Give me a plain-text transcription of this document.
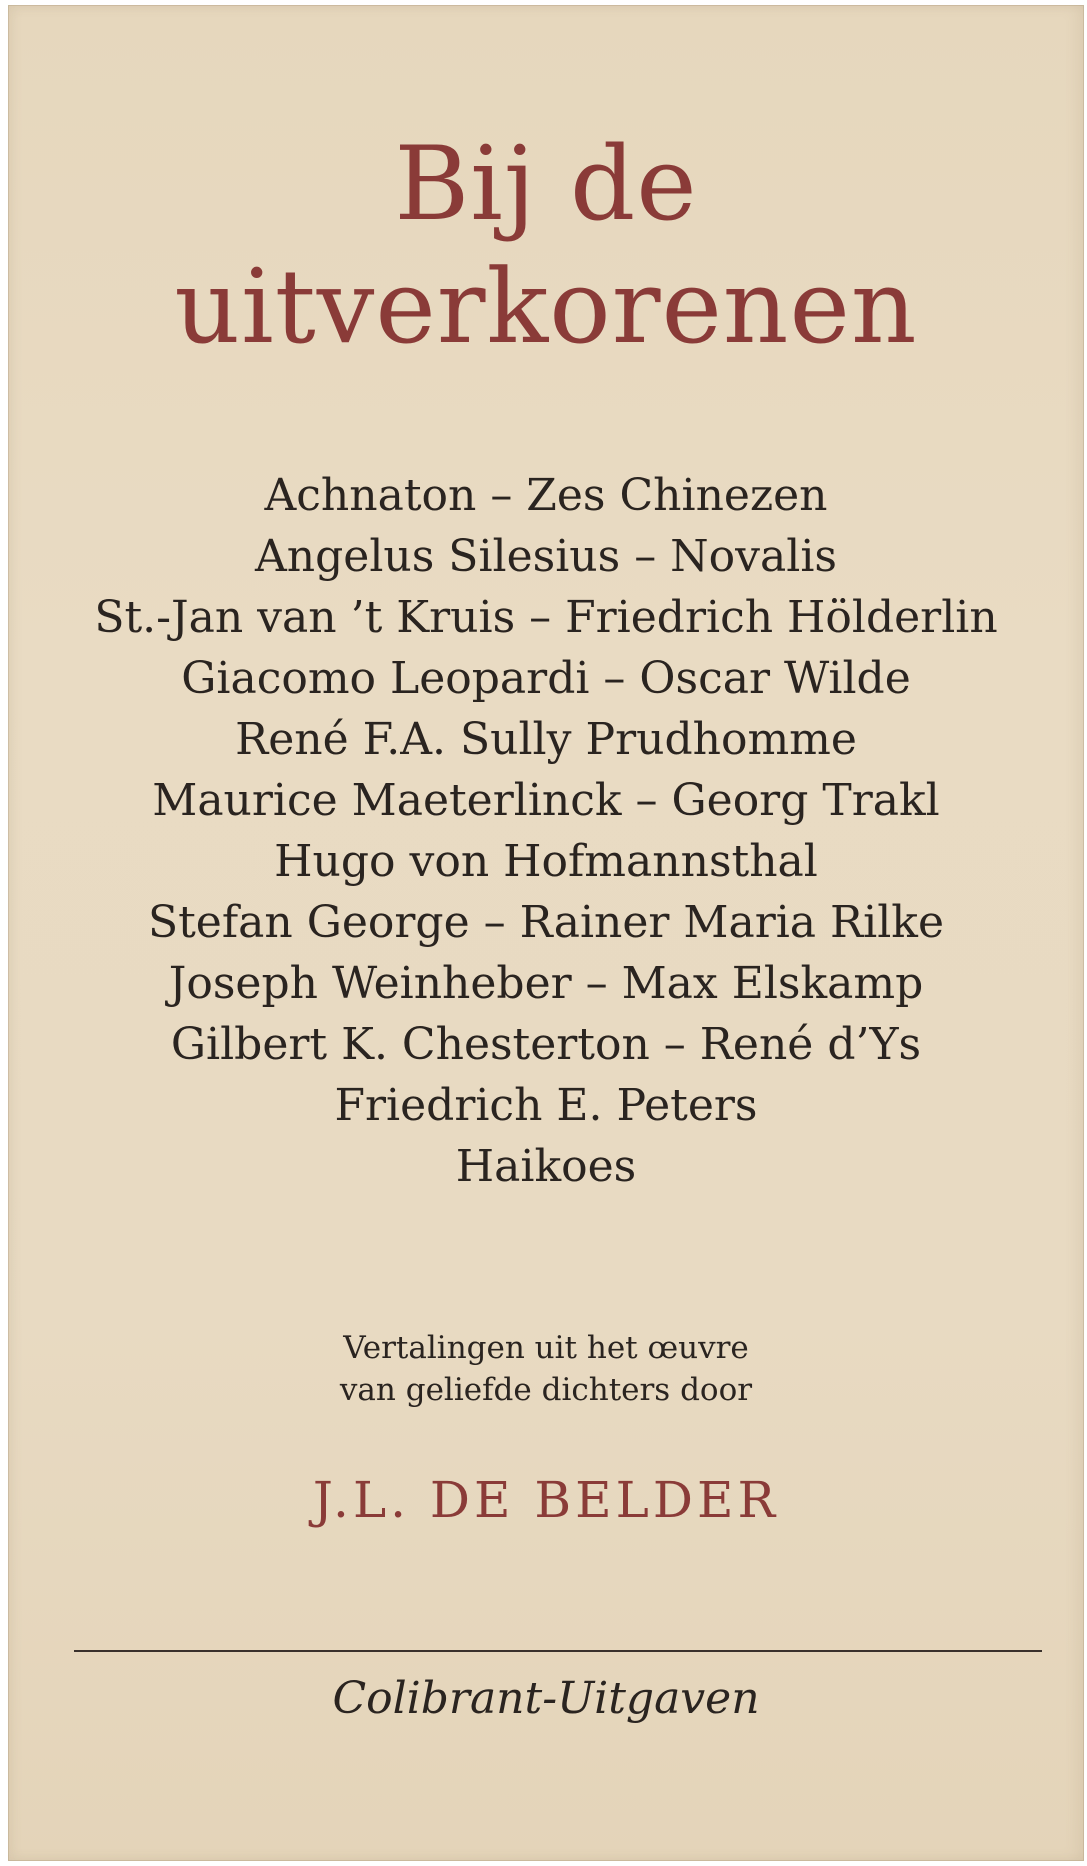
Bij de
uitverkorenen
Achnaton – Zes Chinezen
Angelus Silesius – Novalis
St.-Jan van ’t Kruis – Friedrich Hölderlin
Giacomo Leopardi – Oscar Wilde
René F.A. Sully Prudhomme
Maurice Maeterlinck – Georg Trakl
Hugo von Hofmannsthal
Stefan George – Rainer Maria Rilke
Joseph Weinheber – Max Elskamp
Gilbert K. Chesterton – René d’Ys
Friedrich E. Peters
Haikoes
Vertalingen uit het œuvre
van geliefde dichters door
J.L. DE BELDER
Colibrant-Uitgaven
